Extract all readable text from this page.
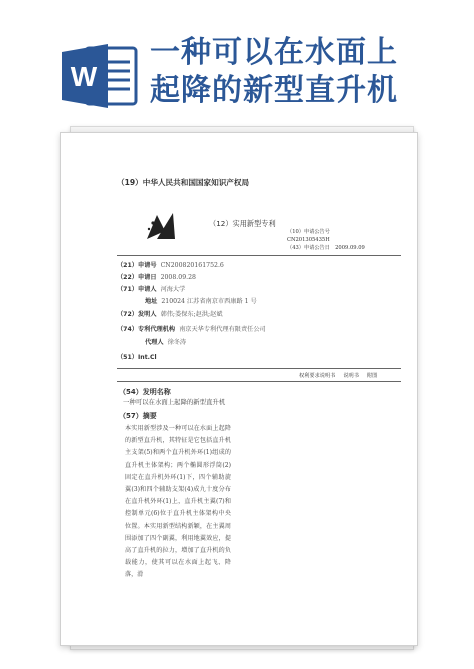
W
一种可以在水面上
起降的新型直升机
（19）中华人民共和国国家知识产权局
（12）实用新型专利
（10）申请公告号
CN201305435H
（43）申请公告日　2009.09.09
（21）申请号 CN200820161752.6
（22）申请日 2008.09.28
（71）申请人 河海大学
地址 210024 江苏省南京市西康路 1 号
（72）发明人 韩伟;娄保东;赵洪;赵斌
（74）专利代理机构 南京天华专利代理有限责任公司
代理人 徐冬涛
（51）Int.Cl
权利要求说明书 说明书 附图
（54）发明名称
一种可以在水面上起降的新型直升机
（57）摘要
本实用新型涉及一种可以在水面上起降的新型直升机，其特征是它包括直升机主支架(5)和两个直升机外环(1)组成的直升机主体架构；两个椭圆形浮筒(2)固定在直升机外环(1)下，四个辅助旋翼(3)和四个辅助支架(4)成九十度分布在直升机外环(1)上，直升机主翼(7)和控制单元(6)位于直升机主体架构中央位置。本实用新型结构新颖，在主翼周围添加了四个副翼，利用地翼效应，提高了直升机的拉力，增加了直升机的负载能力，使其可以在水面上起飞、降落，滑
